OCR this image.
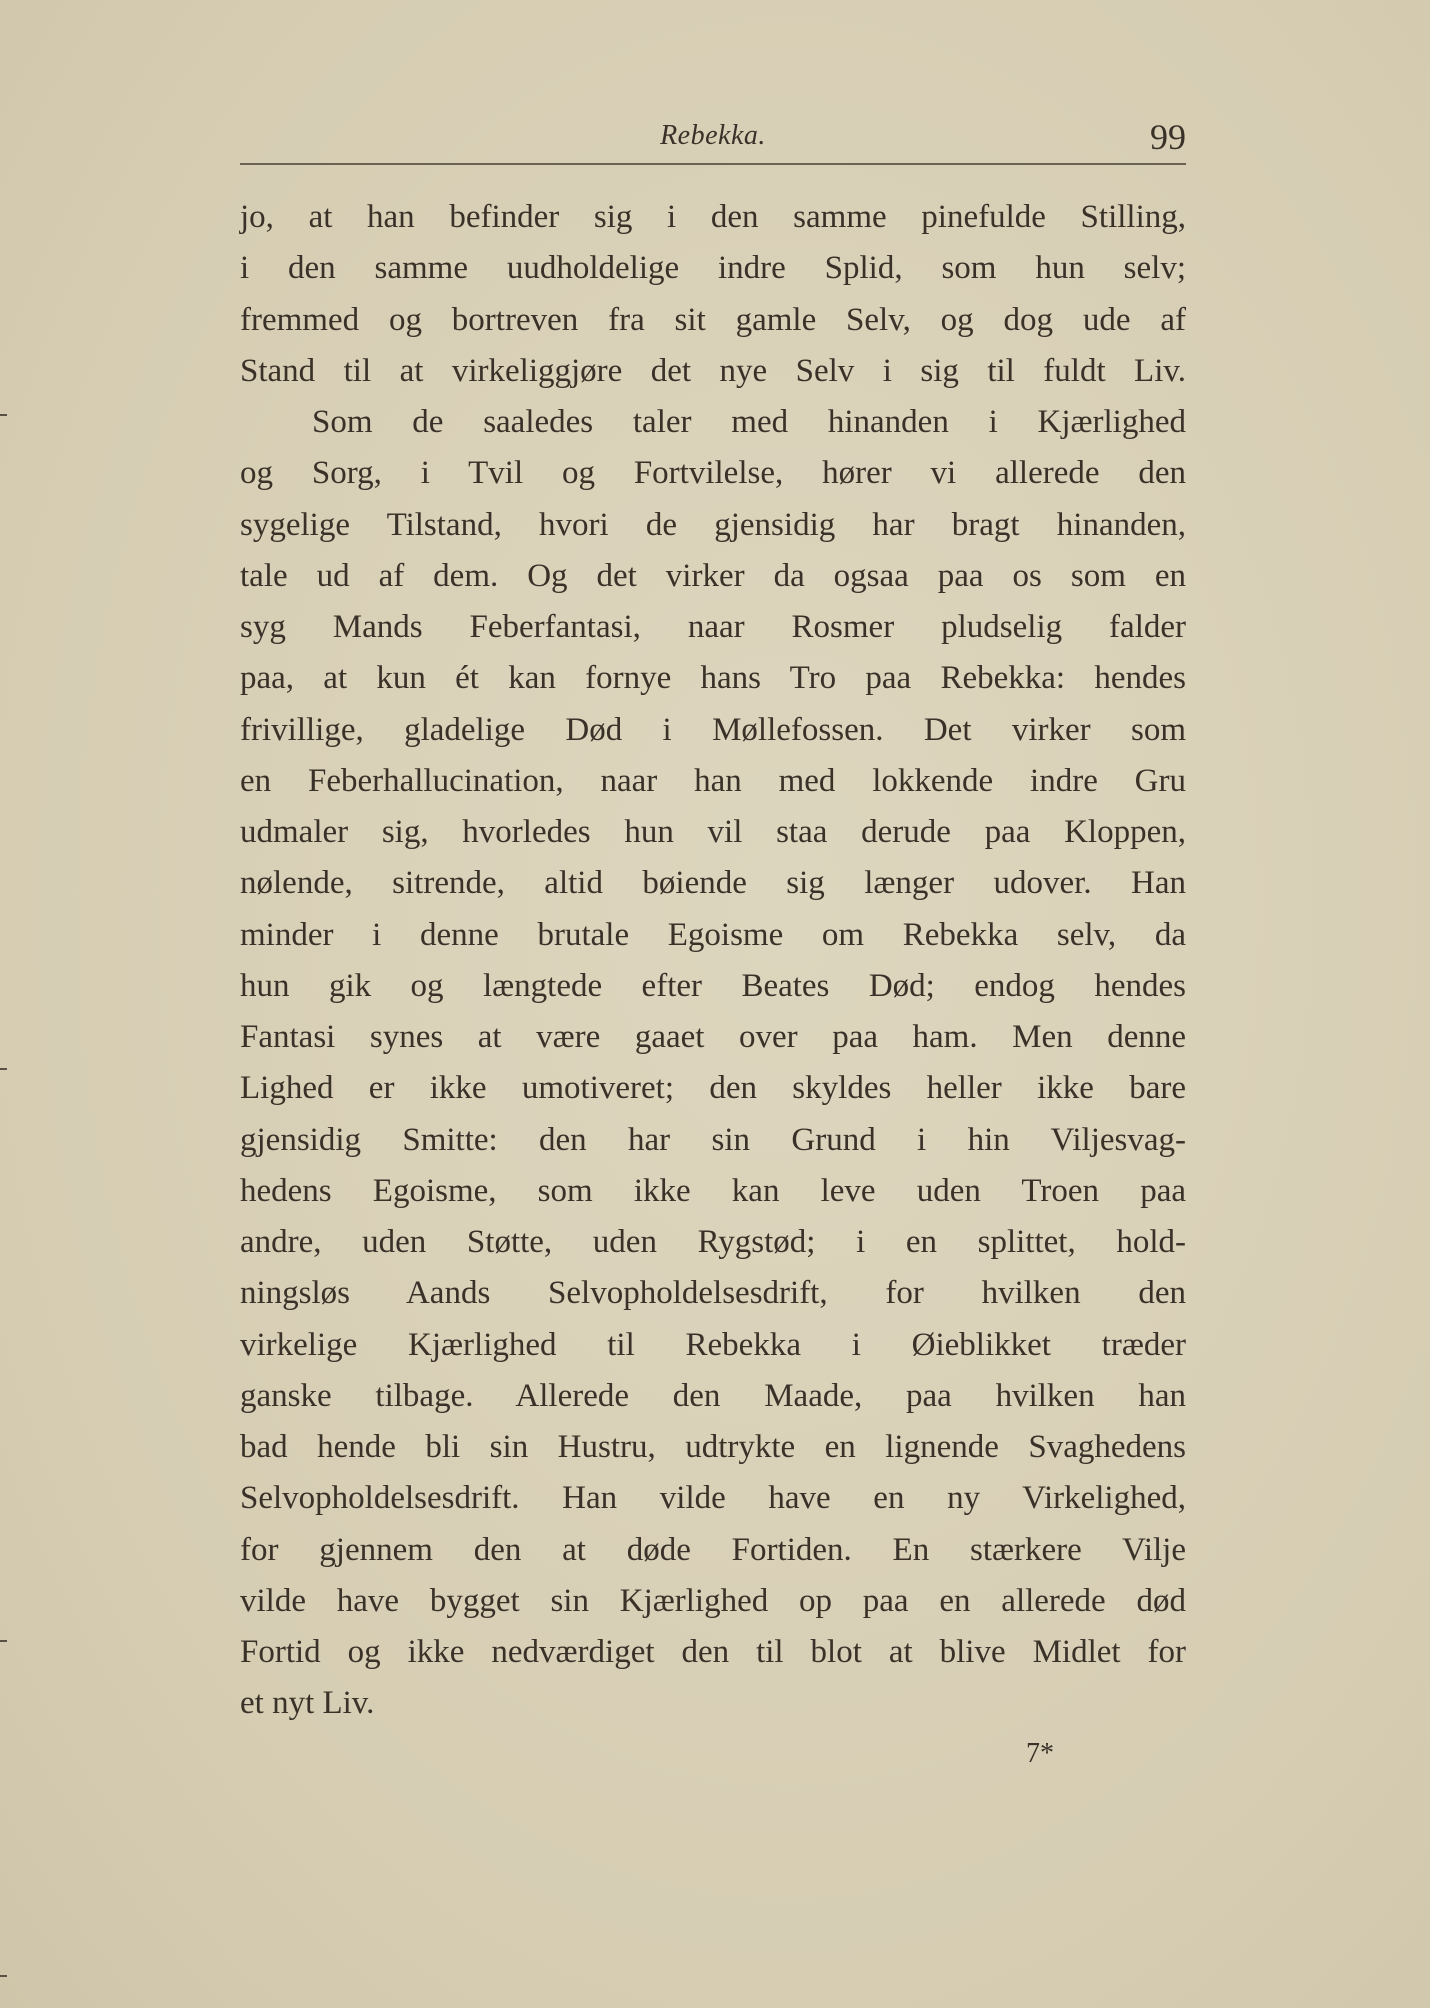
Rebekka.	99
jo, at han befinder sig i den samme pinefulde Stilling,
i den samme uudholdelige indre Splid, som hun selv;
fremmed og bortreven fra sit gamle Selv, og dog ude af
Stand til at virkeliggjøre det nye Selv i sig til fuldt Liv.
Som de saaledes taler med hinanden i Kjærlighed
og Sorg, i Tvil og Fortvilelse, hører vi allerede den
sygelige Tilstand, hvori de gjensidig har bragt hinanden,
tale ud af dem. Og det virker da ogsaa paa os som en
syg Mands Feberfantasi, naar Rosmer pludselig falder
paa, at kun ét kan fornye hans Tro paa Rebekka: hendes
frivillige, gladelige Død i Møllefossen. Det virker som
en Feberhallucination, naar han med lokkende indre Gru
udmaler sig, hvorledes hun vil staa derude paa Kloppen,
nølende, sitrende, altid bøiende sig længer udover. Han
minder i denne brutale Egoisme om Rebekka selv, da
hun gik og længtede efter Beates Død; endog hendes
Fantasi synes at være gaaet over paa ham. Men denne
Lighed er ikke umotiveret; den skyldes heller ikke bare
gjensidig Smitte: den har sin Grund i hin Viljesvag-
hedens Egoisme, som ikke kan leve uden Troen paa
andre, uden Støtte, uden Rygstød; i en splittet, hold-
ningsløs Aands Selvopholdelsesdrift, for hvilken den
virkelige Kjærlighed til Rebekka i Øieblikket træder
ganske tilbage. Allerede den Maade, paa hvilken han
bad hende bli sin Hustru, udtrykte en lignende Svaghedens
Selvopholdelsesdrift. Han vilde have en ny Virkelighed,
for gjennem den at døde Fortiden. En stærkere Vilje
vilde have bygget sin Kjærlighed op paa en allerede død
Fortid og ikke nedværdiget den til blot at blive Midlet for
et nyt Liv.
7*
